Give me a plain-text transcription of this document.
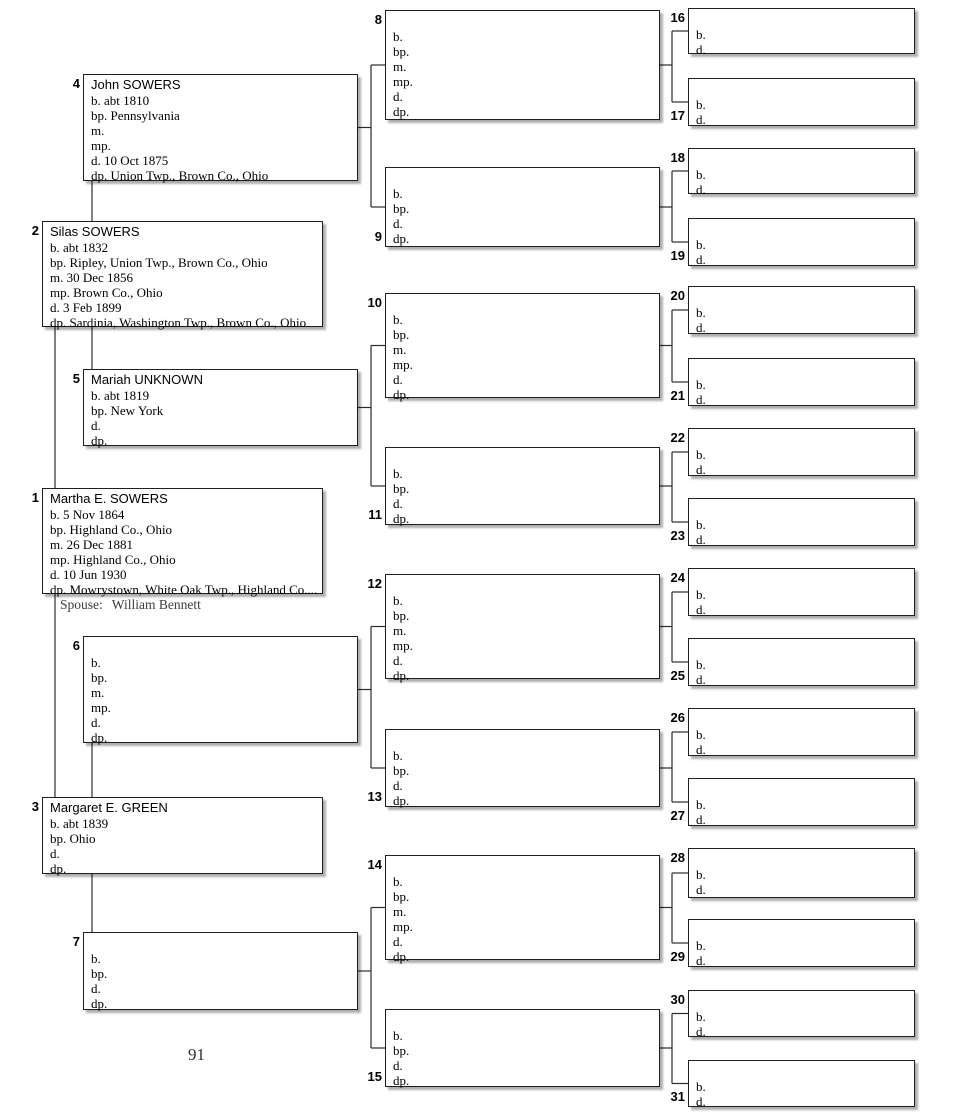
Spouse: William Bennett
91
1 Martha E. SOWERS
b. 5 Nov 1864
bp. Highland Co., Ohio
m. 26 Dec 1881
mp. Highland Co., Ohio
d. 10 Jun 1930
dp. Mowrystown, White Oak Twp., Highland Co....
2 Silas SOWERS
b. abt 1832
bp. Ripley, Union Twp., Brown Co., Ohio
m. 30 Dec 1856
mp. Brown Co., Ohio
d. 3 Feb 1899
dp. Sardinia, Washington Twp., Brown Co., Ohio
3 Margaret E. GREEN
b. abt 1839
bp. Ohio
d.
dp.
4 John SOWERS
b. abt 1810
bp. Pennsylvania
m.
mp.
d. 10 Oct 1875
dp. Union Twp., Brown Co., Ohio
5 Mariah UNKNOWN
b. abt 1819
bp. New York
d.
dp.
6
b.
bp.
m.
mp.
d.
dp.
7
b.
bp.
d.
dp.
8
b.
bp.
m.
mp.
d.
dp.
9
b.
bp.
d.
dp.
10
b.
bp.
m.
mp.
d.
dp.
11
b.
bp.
d.
dp.
12
b.
bp.
m.
mp.
d.
dp.
13
b.
bp.
d.
dp.
14
b.
bp.
m.
mp.
d.
dp.
15
b.
bp.
d.
dp.
16
b.
d.
17
b.
d.
18
b.
d.
19
b.
d.
20
b.
d.
21
b.
d.
22
b.
d.
23
b.
d.
24
b.
d.
25
b.
d.
26
b.
d.
27
b.
d.
28
b.
d.
29
b.
d.
30
b.
d.
31
b.
d.
